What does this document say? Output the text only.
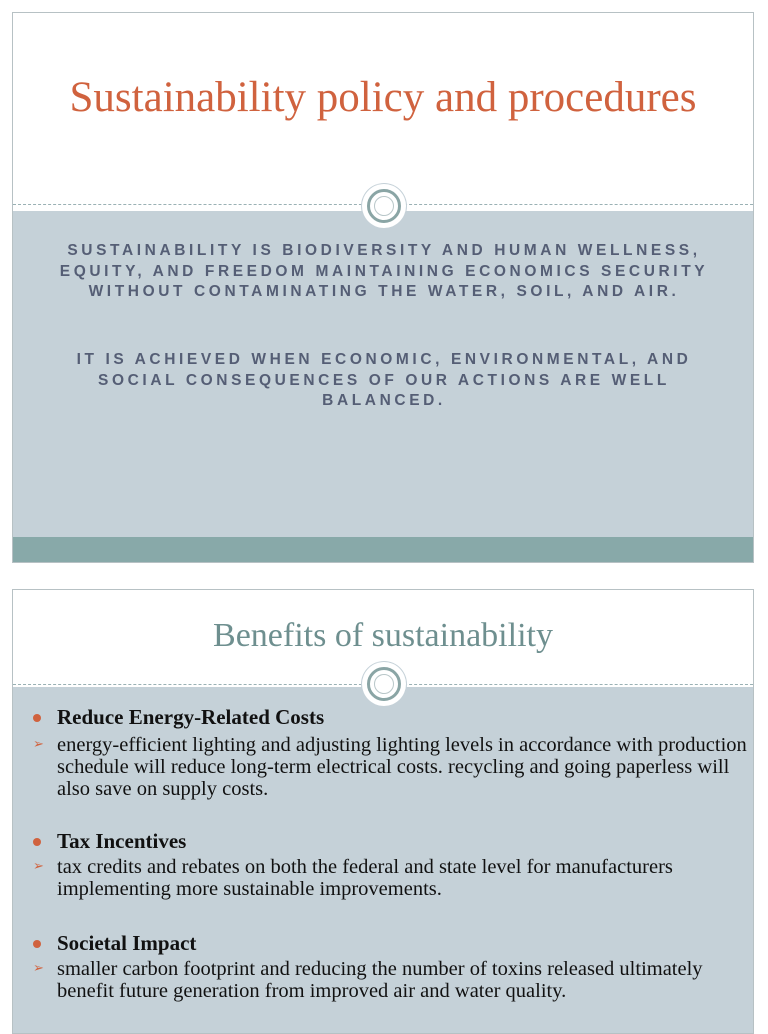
Sustainability policy and procedures
SUSTAINABILITY IS BIODIVERSITY AND HUMAN WELLNESS, EQUITY, AND FREEDOM MAINTAINING ECONOMICS SECURITY WITHOUT CONTAMINATING THE WATER, SOIL, AND AIR.
IT IS ACHIEVED WHEN ECONOMIC, ENVIRONMENTAL, AND SOCIAL CONSEQUENCES OF OUR ACTIONS ARE WELL BALANCED.
Benefits of sustainability
Reduce Energy-Related Costs
➢ energy-efficient lighting and adjusting lighting levels in accordance with production schedule will reduce long-term electrical costs. recycling and going paperless will also save on supply costs.
Tax Incentives
➢ tax credits and rebates on both the federal and state level for manufacturers implementing more sustainable improvements.
Societal Impact
➢ smaller carbon footprint and reducing the number of toxins released ultimately benefit future generation from improved air and water quality.
